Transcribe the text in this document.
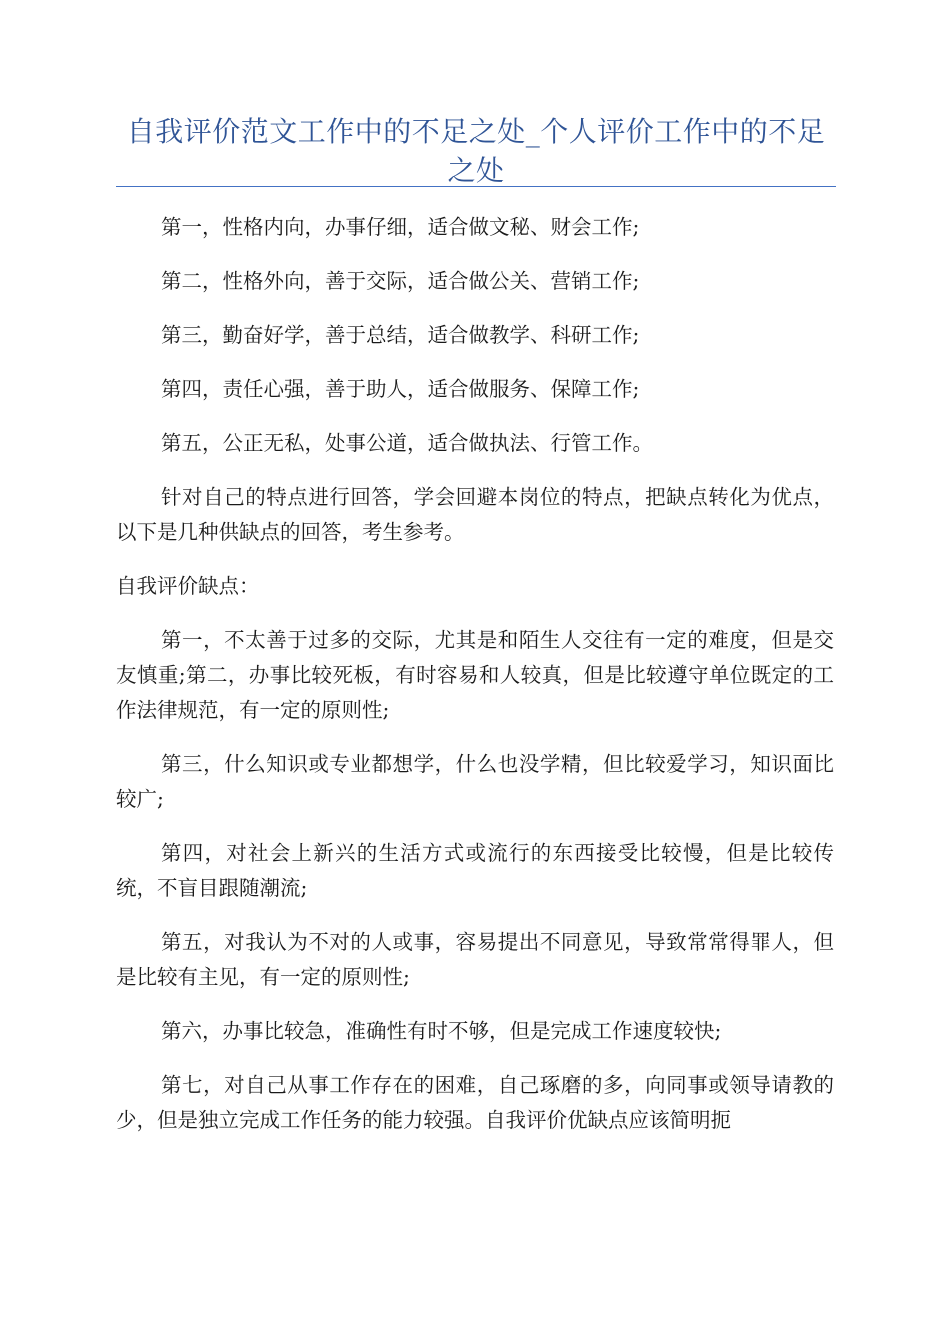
自我评价范文工作中的不足之处_个人评价工作中的不足之处

第一，性格内向，办事仔细，适合做文秘、财会工作;

第二，性格外向，善于交际，适合做公关、营销工作;

第三，勤奋好学，善于总结，适合做教学、科研工作;

第四，责任心强，善于助人，适合做服务、保障工作;

第五，公正无私，处事公道，适合做执法、行管工作。

针对自己的特点进行回答，学会回避本岗位的特点，把缺点转化为优点，以下是几种供缺点的回答，考生参考。

自我评价缺点：

第一，不太善于过多的交际，尤其是和陌生人交往有一定的难度，但是交友慎重;第二，办事比较死板，有时容易和人较真，但是比较遵守单位既定的工作法律规范，有一定的原则性;

第三，什么知识或专业都想学，什么也没学精，但比较爱学习，知识面比较广;

第四，对社会上新兴的生活方式或流行的东西接受比较慢，但是比较传统，不盲目跟随潮流;

第五，对我认为不对的人或事，容易提出不同意见，导致常常得罪人，但是比较有主见，有一定的原则性;

第六，办事比较急，准确性有时不够，但是完成工作速度较快;

第七，对自己从事工作存在的困难，自己琢磨的多，向同事或领导请教的少，但是独立完成工作任务的能力较强。自我评价优缺点应该简明扼
